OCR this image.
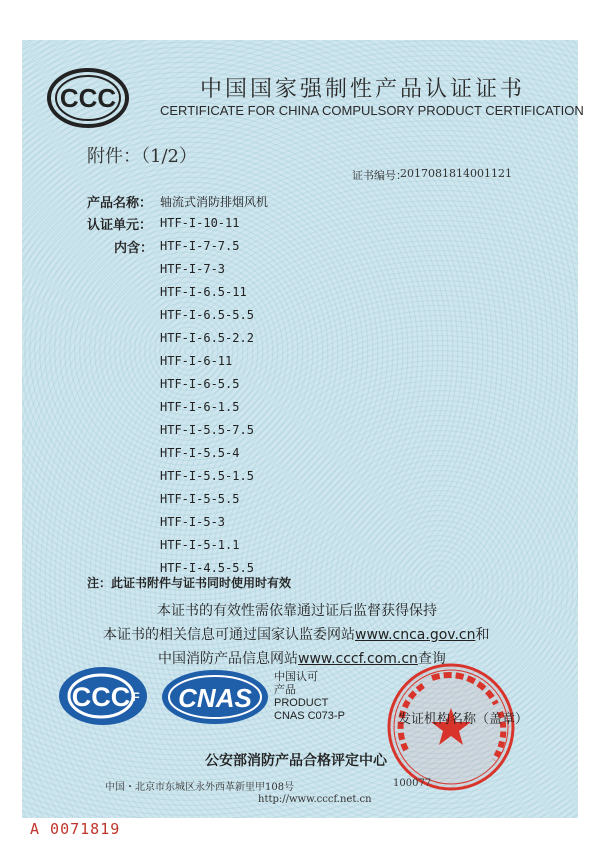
CCC	中国国家强制性产品认证证书
CERTIFICATE FOR CHINA COMPULSORY PRODUCT CERTIFICATION
附件：（1/2）
证书编号：
2017081814001121
产品名称： 轴流式消防排烟风机
认证单元： HTF-I-10-11
内含： HTF-I-7-7.5
HTF-I-7-3
HTF-I-6.5-11
HTF-I-6.5-5.5
HTF-I-6.5-2.2
HTF-I-6-11
HTF-I-6-5.5
HTF-I-6-1.5
HTF-I-5.5-7.5
HTF-I-5.5-4
HTF-I-5.5-1.5
HTF-I-5-5.5
HTF-I-5-3
HTF-I-5-1.1
HTF-I-4.5-5.5
注：此证书附件与证书同时使用时有效
本证书的有效性需依靠通过证后监督获得保持
本证书的相关信息可通过国家认监委网站www.cnca.gov.cn和
中国消防产品信息网站www.cccf.com.cn查询
CCC F CNAS
中国认可
产品
PRODUCT
CNAS C073-P	发证机构名称（盖章）
公安部消防产品合格评定中心
中国・北京市东城区永外西革新里甲108号	100077
http://www.cccf.net.cn
A 0071819
